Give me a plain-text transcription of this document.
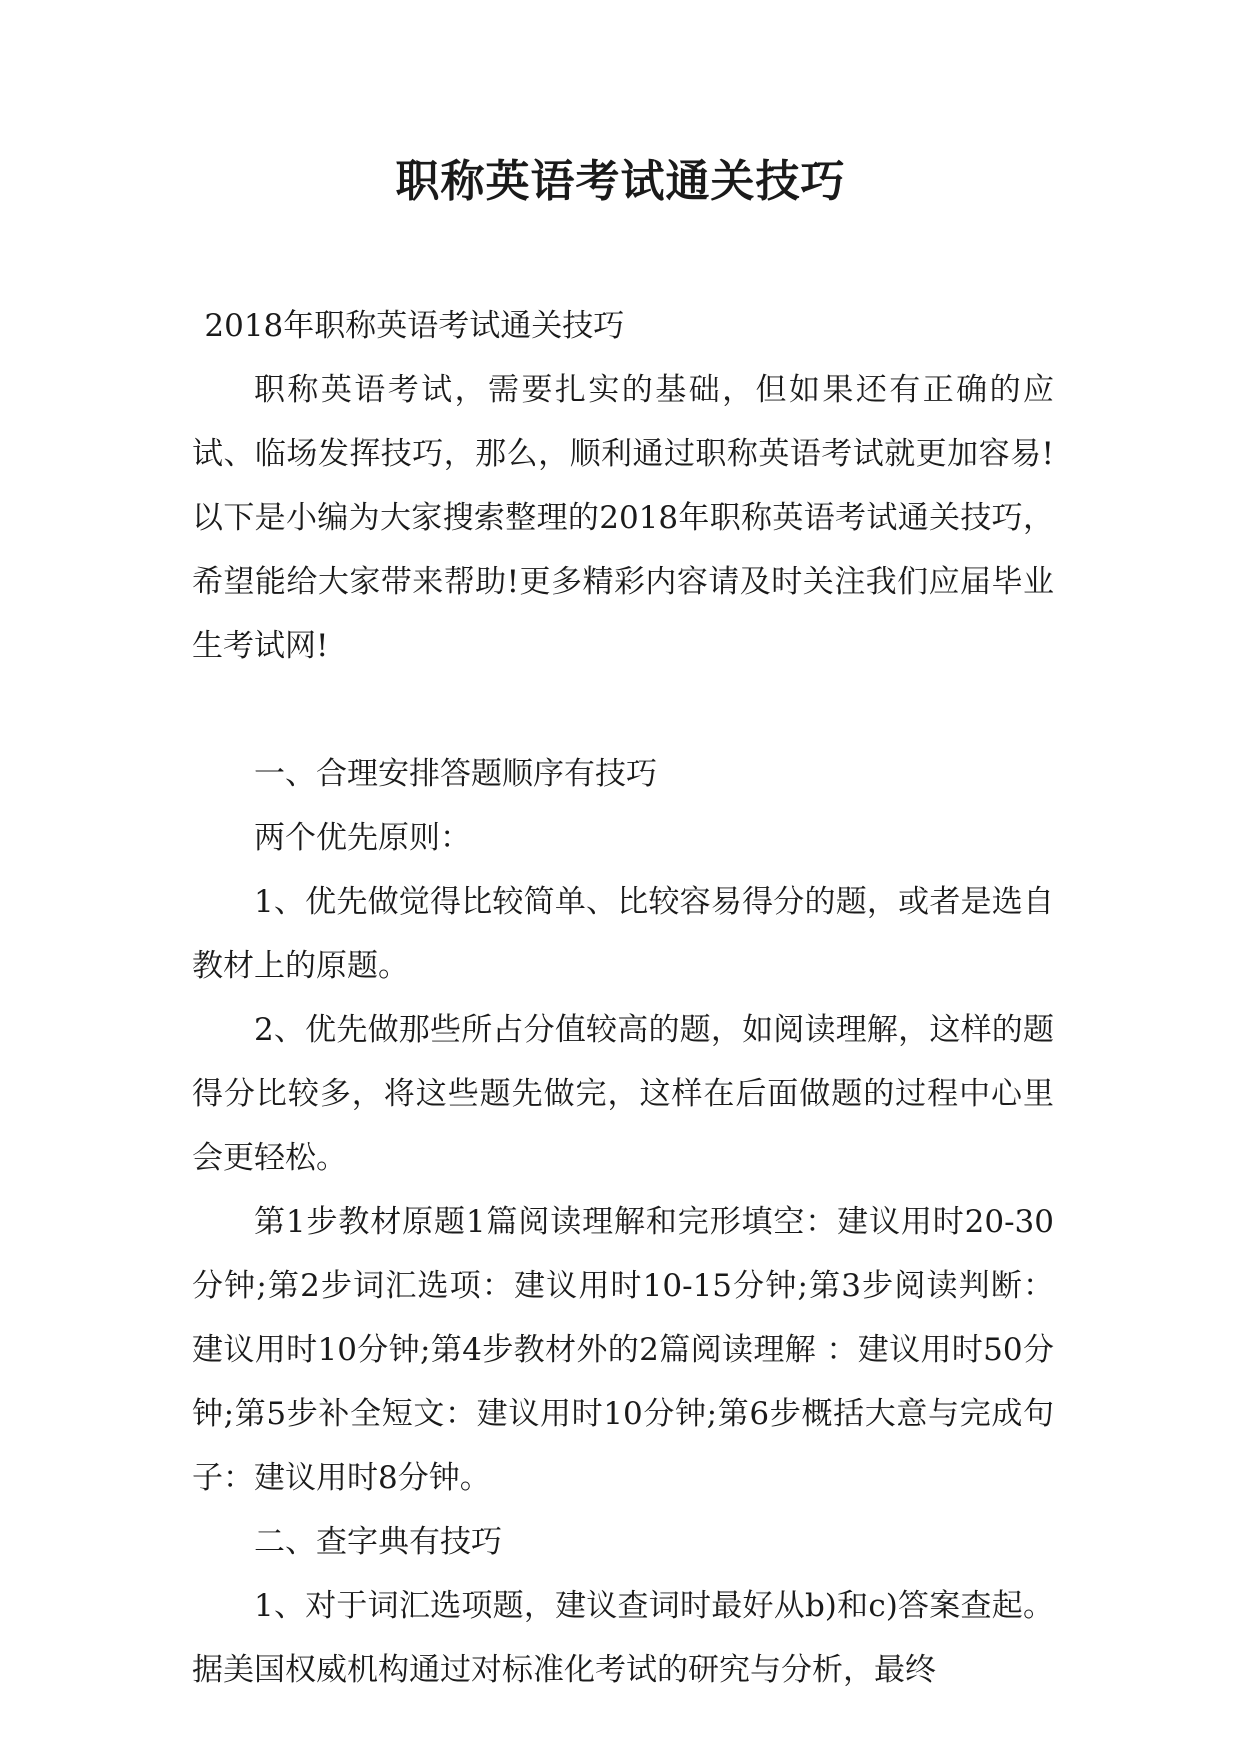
职称英语考试通关技巧

2018年职称英语考试通关技巧

职称英语考试，需要扎实的基础，但如果还有正确的应试、临场发挥技巧，那么，顺利通过职称英语考试就更加容易!以下是小编为大家搜索整理的2018年职称英语考试通关技巧，希望能给大家带来帮助!更多精彩内容请及时关注我们应届毕业生考试网!

一、合理安排答题顺序有技巧

两个优先原则：

1、优先做觉得比较简单、比较容易得分的题，或者是选自教材上的原题。

2、优先做那些所占分值较高的题，如阅读理解，这样的题得分比较多，将这些题先做完，这样在后面做题的过程中心里会更轻松。

第1步教材原题1篇阅读理解和完形填空：建议用时20-30分钟;第2步词汇选项：建议用时10-15分钟;第3步阅读判断：建议用时10分钟;第4步教材外的2篇阅读理解 ：建议用时50分钟;第5步补全短文：建议用时10分钟;第6步概括大意与完成句子：建议用时8分钟。

二、查字典有技巧

1、对于词汇选项题，建议查词时最好从b)和c)答案查起。据美国权威机构通过对标准化考试的研究与分析，最终
